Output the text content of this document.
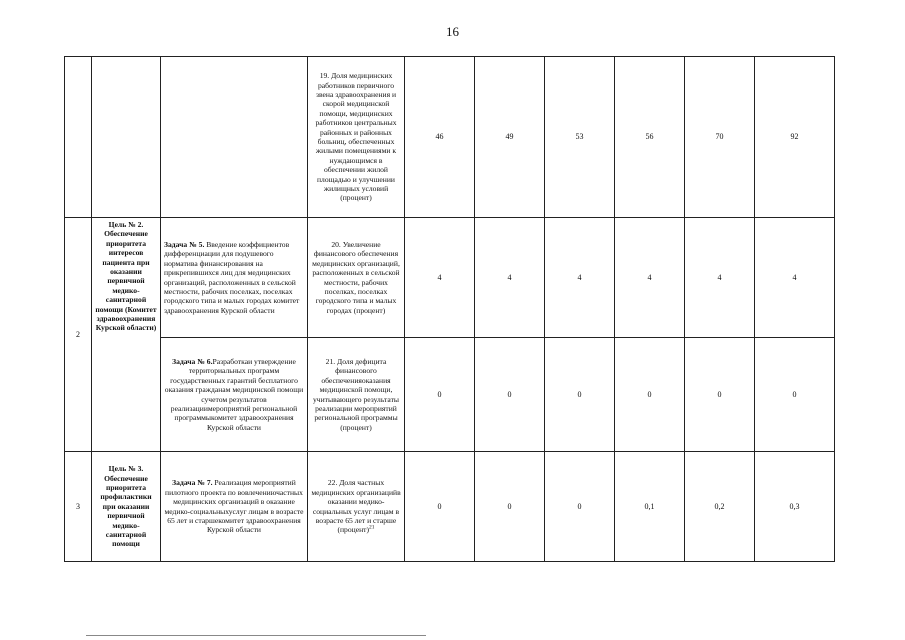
16
			19. Доля медицинских работников первичного звена здравоохранения и скорой медицинской помощи, медицинских работников центральных районных и районных больниц, обеспеченных жилыми помещениями к нуждающимся в обеспечении жилой площадью и улучшении жилищных условий (процент)	46	49	53	56	70	92
2	Цель № 2. Обеспечение приоритета интересов пациента при оказании первичной медико-санитарной помощи (Комитет здравоохранения Курской области)	Задача № 5. Введение коэффициентов дифференциации для подушевого норматива финансирования на прикрепившихся лиц для медицинских организаций, расположенных в сельской местности, рабочих поселках, поселках городского типа и малых городах комитет здравоохранения Курской области	20. Увеличение финансового обеспечения медицинских организаций, расположенных в сельской местности, рабочих поселках, поселках городского типа и малых городах (процент)	4	4	4	4	4	4
		Задача № 6.Разработкаи утверждение территориальных программ государственных гарантий бесплатного оказания гражданам медицинской помощи сучетом результатов реализациимероприятий региональной программыкомитет здравоохранения Курской области	21. Доля дефицита финансового обеспеченияоказания медицинской помощи, учитывающего результаты реализации мероприятий региональной программы (процент)	0	0	0	0	0	0
3	Цель № 3. Обеспечение приоритета профилактики при оказании первичной медико-санитарной помощи	Задача № 7. Реализация мероприятий пилотного проекта по вовлечениючастных медицинских организаций в оказание медико-социальныхуслуг лицам в возрасте 65 лет и старшекомитет здравоохранения Курской области	22. Доля частных медицинских организацийв оказании медико- социальных услуг лицам в возрасте 65 лет и старше (процент)$^{21}$	0	0	0	0,1	0,2	0,3
